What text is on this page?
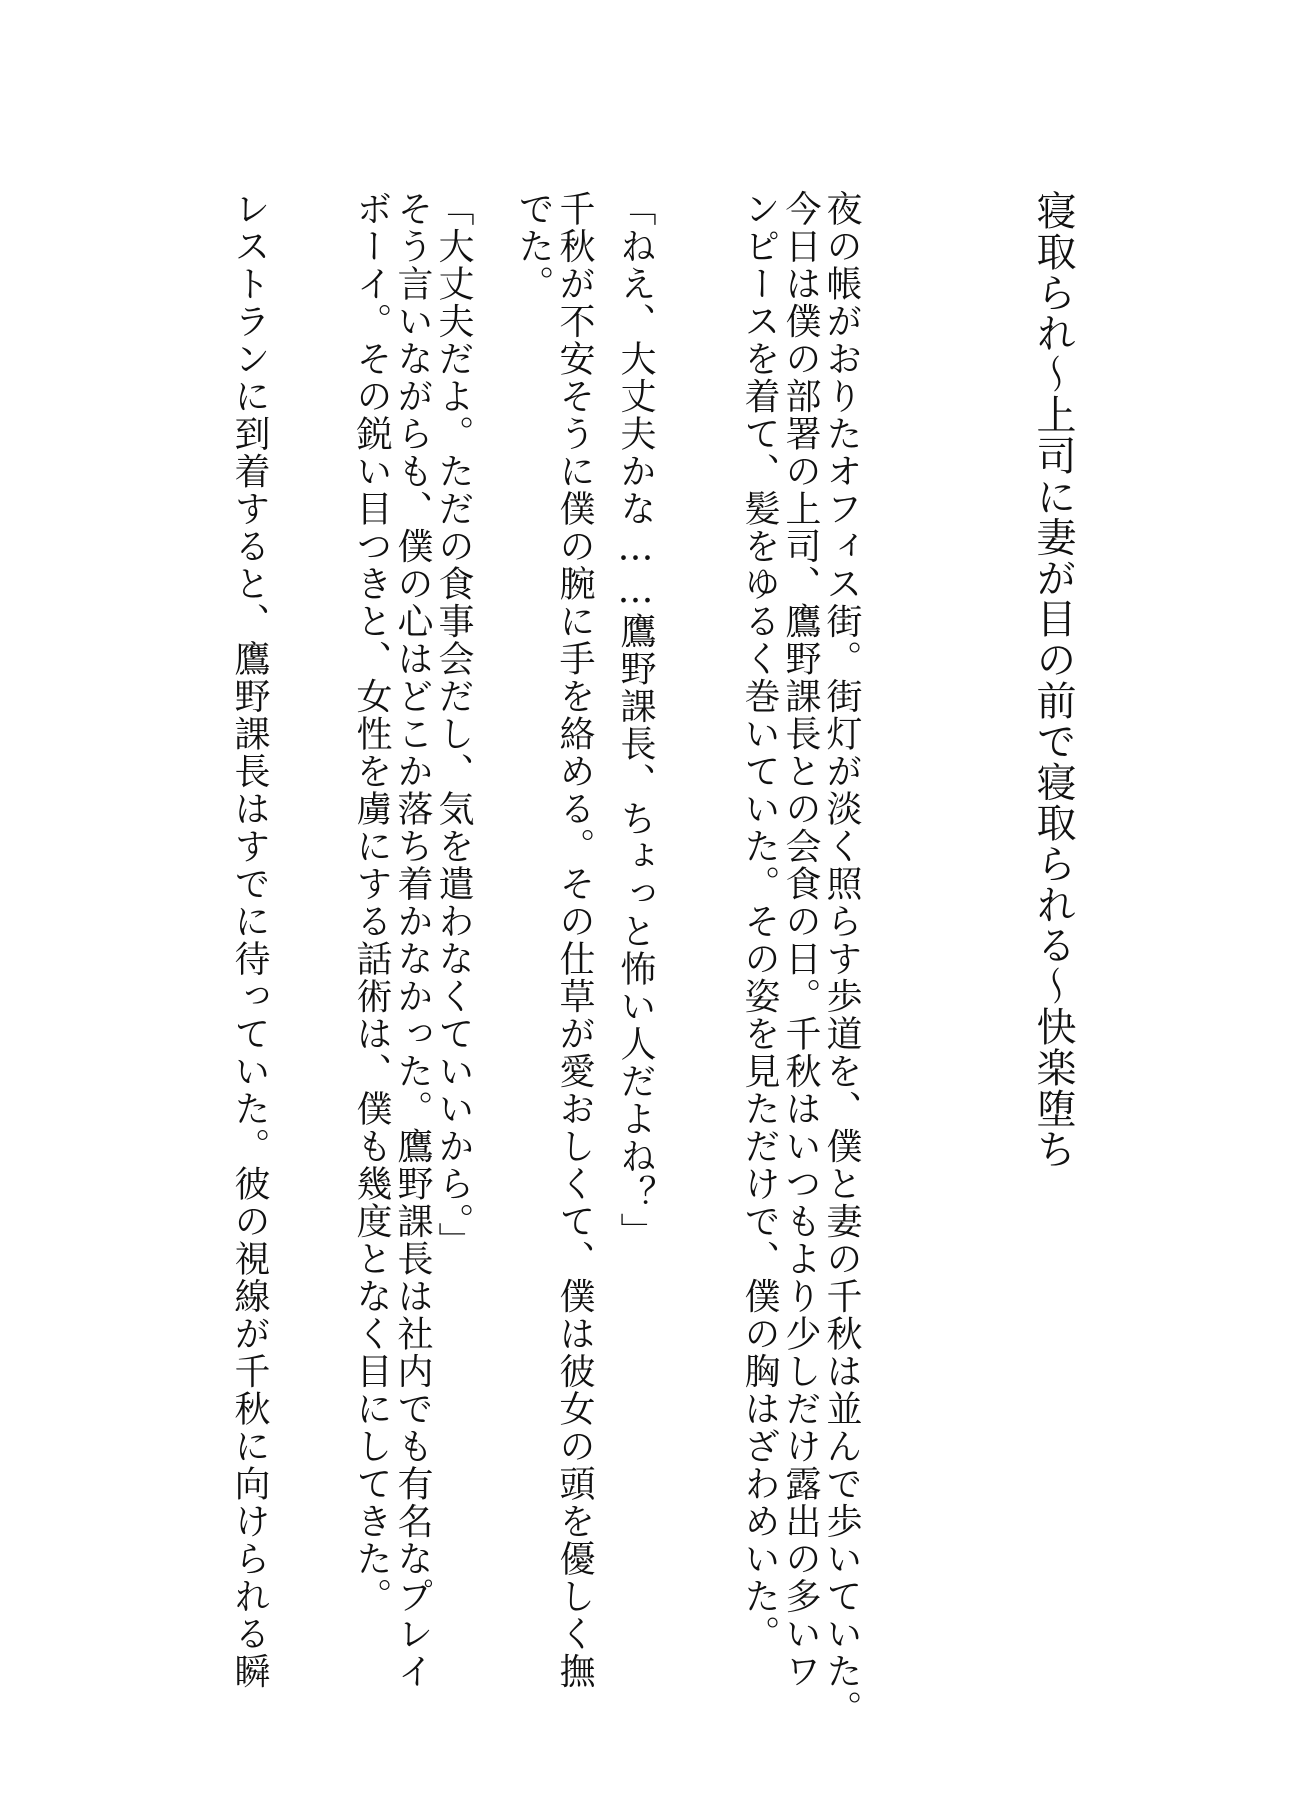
寝取られ〜上司に妻が目の前で寝取られる〜快楽堕ち
夜の帳がおりたオフィス街。街灯が淡く照らす歩道を、僕と妻の千秋は並んで歩いていた。
今日は僕の部署の上司、鷹野課長との会食の日。千秋はいつもより少しだけ露出の多いワ
ンピースを着て、髪をゆるく巻いていた。その姿を見ただけで、僕の胸はざわめいた。
「ねえ、大丈夫かな……鷹野課長、ちょっと怖い人だよね？」
千秋が不安そうに僕の腕に手を絡める。その仕草が愛おしくて、僕は彼女の頭を優しく撫
でた。
「大丈夫だよ。ただの食事会だし、気を遣わなくていいから。」
そう言いながらも、僕の心はどこか落ち着かなかった。鷹野課長は社内でも有名なプレイ
ボーイ。その鋭い目つきと、女性を虜にする話術は、僕も幾度となく目にしてきた。
レストランに到着すると、鷹野課長はすでに待っていた。彼の視線が千秋に向けられる瞬
